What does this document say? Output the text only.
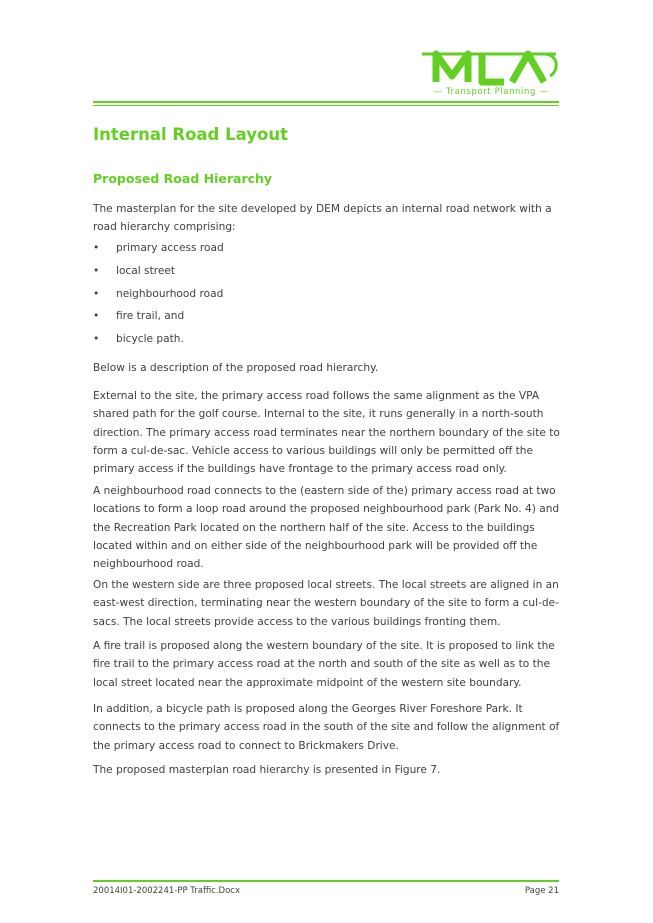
— Transport Planning —
Internal Road Layout
Proposed Road Hierarchy

The masterplan for the site developed by DEM depicts an internal road network with a road hierarchy comprising:

•	primary access road
•	local street
•	neighbourhood road
•	fire trail, and
•	bicycle path.

Below is a description of the proposed road hierarchy.

External to the site, the primary access road follows the same alignment as the VPA shared path for the golf course. Internal to the site, it runs generally in a north-south direction. The primary access road terminates near the northern boundary of the site to form a cul-de-sac. Vehicle access to various buildings will only be permitted off the primary access if the buildings have frontage to the primary access road only.

A neighbourhood road connects to the (eastern side of the) primary access road at two locations to form a loop road around the proposed neighbourhood park (Park No. 4) and the Recreation Park located on the northern half of the site. Access to the buildings located within and on either side of the neighbourhood park will be provided off the neighbourhood road.

On the western side are three proposed local streets. The local streets are aligned in an east-west direction, terminating near the western boundary of the site to form a cul-de-sacs. The local streets provide access to the various buildings fronting them.

A fire trail is proposed along the western boundary of the site. It is proposed to link the fire trail to the primary access road at the north and south of the site as well as to the local street located near the approximate midpoint of the western site boundary.

In addition, a bicycle path is proposed along the Georges River Foreshore Park. It connects to the primary access road in the south of the site and follow the alignment of the primary access road to connect to Brickmakers Drive.

The proposed masterplan road hierarchy is presented in Figure 7.

20014I01-2002241-PP Traffic.Docx	Page 21
